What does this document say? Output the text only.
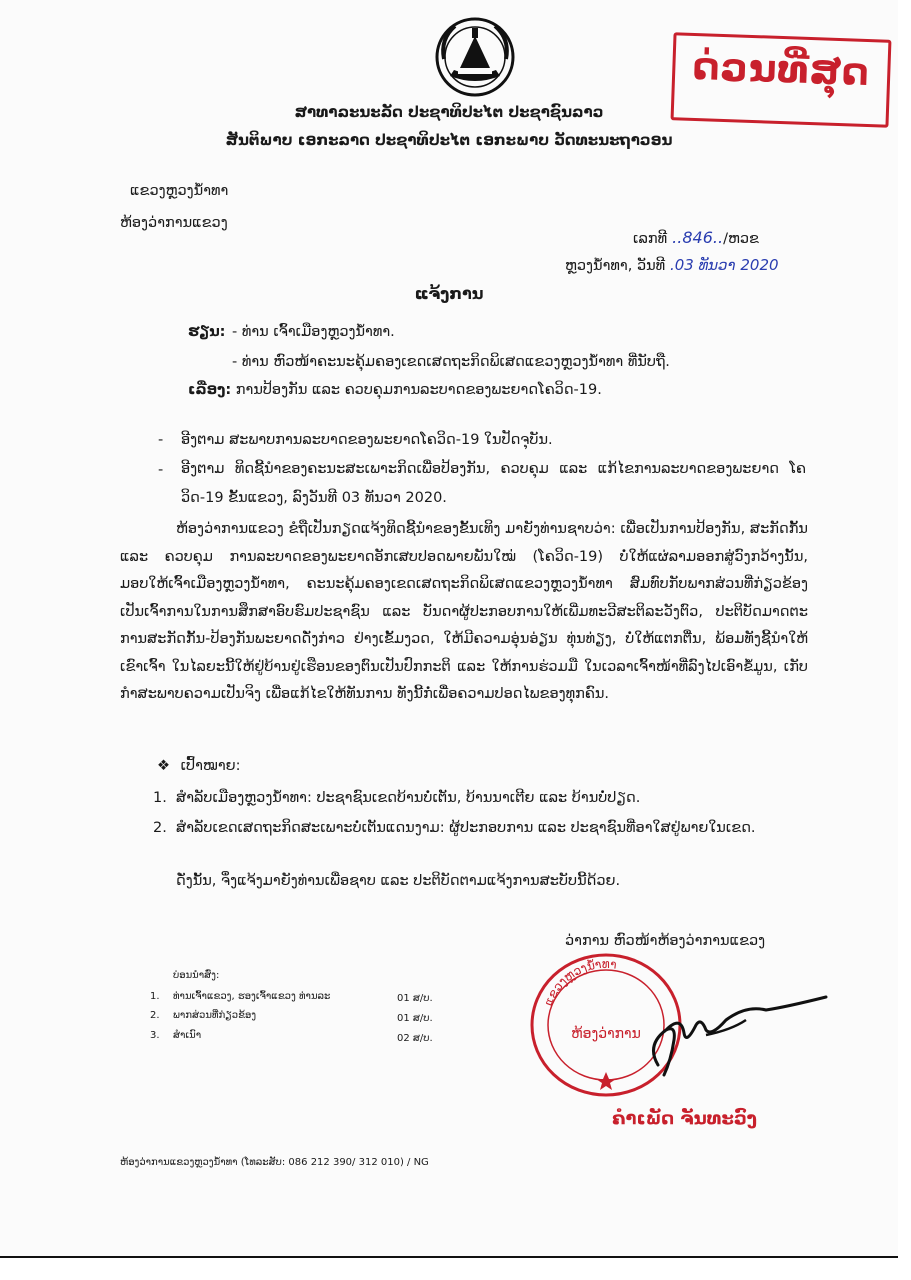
ສາທາລະນະລັດ ປະຊາທິປະໄຕ ປະຊາຊົນລາວ
ສັນຕິພາບ ເອກະລາດ ປະຊາທິປະໄຕ ເອກະພາບ ວັດທະນະຖາວອນ
ດ່ວນທີ່ສຸດ
ແຂວງຫຼວງນ້ຳທາ
ຫ້ອງວ່າການແຂວງ
ເລກທີ ..846../ຫວຂ
ຫຼວງນ້ຳທາ, ວັນທີ .03 ທັນວາ 2020
ແຈ້ງການ
ຮຽນ: - ທ່ານ ເຈົ້າເມືອງຫຼວງນ້ຳທາ.
- ທ່ານ ຫົວໜ້າຄະນະຄຸ້ມຄອງເຂດເສດຖະກິດພິເສດແຂວງຫຼວງນ້ຳທາ ທີ່ນັບຖື.
ເລື່ອງ: ການປ້ອງກັນ ແລະ ຄວບຄຸມການລະບາດຂອງພະຍາດໂຄວິດ-19.
- ອີງຕາມ ສະພາບການລະບາດຂອງພະຍາດໂຄວິດ-19 ໃນປັດຈຸບັນ.
- ອີງຕາມ ທິດຊີ້ນຳຂອງຄະນະສະເພາະກິດເພື່ອປ້ອງກັນ, ຄວບຄຸມ ແລະ ແກ້ໄຂການລະບາດຂອງພະຍາດ ໂຄວິດ-19 ຂັ້ນແຂວງ, ລົງວັນທີ 03 ທັນວາ 2020.

ຫ້ອງວ່າການແຂວງ ຂໍຖືເປັນກຽດແຈ້ງທິດຊີ້ນຳຂອງຂັ້ນເທິງ ມາຍັງທ່ານຊາບວ່າ: ເພື່ອເປັນການປ້ອງກັນ, ສະກັດກັ້ນ ແລະ ຄວບຄຸມ ການລະບາດຂອງພະຍາດອັກເສບປອດພາຍພັນໃໝ່ (ໂຄວິດ-19) ບໍ່ໃຫ້ແຜ່ລາມອອກສູ່ວົງກວ້າງນັ້ນ, ມອບໃຫ້ເຈົ້າເມືອງຫຼວງນ້ຳທາ, ຄະນະຄຸ້ມຄອງເຂດເສດຖະກິດພິເສດແຂວງຫຼວງນ້ຳທາ ສົມທົບກັບພາກສ່ວນທີ່ກ່ຽວຂ້ອງ ເປັນເຈົ້າການໃນການສຶກສາອົບຮົມປະຊາຊົນ ແລະ ບັນດາຜູ້ປະກອບການໃຫ້ເພີ່ມທະວີສະຕິລະວັງຕົວ, ປະຕິບັດມາດຕະການສະກັດກັ້ນ-ປ້ອງກັນພະຍາດດັ່ງກ່າວ ຢ່າງເຂັ້ມງວດ, ໃຫ້ມີຄວາມອຸ່ນອ່ຽນ ທຸ່ນທ່ຽງ, ບໍ່ໃຫ້ແຕກຕື່ນ, ພ້ອມທັງຊີ້ນຳໃຫ້ເຂົາເຈົ້າ ໃນໄລຍະນີ້ໃຫ້ຢູ່ບ້ານຢູ່ເຮືອນຂອງຕົນເປັນປົກກະຕິ ແລະ ໃຫ້ການຮ່ວມມື ໃນເວລາເຈົ້າໜ້າທີ່ລົງໄປເອົາຂໍ້ມູນ, ເກັບກຳສະພາບຄວາມເປັນຈິງ ເພື່ອແກ້ໄຂໃຫ້ທັນການ ທັງນີ້ກໍ່ເພື່ອຄວາມປອດໄພຂອງທຸກຄົນ.

❖ ເປົ້າໝາຍ:
1. ສຳລັບເມືອງຫຼວງນ້ຳທາ: ປະຊາຊົນເຂດບ້ານບໍ່ເຕັນ, ບ້ານນາເຕີຍ ແລະ ບ້ານບໍ່ປຽດ.
2. ສຳລັບເຂດເສດຖະກິດສະເພາະບໍ່ເຕັນແດນງາມ: ຜູ້ປະກອບການ ແລະ ປະຊາຊົນທີ່ອາໃສຢູ່ພາຍໃນເຂດ.
ດັ່ງນັ້ນ, ຈຶ່ງແຈ້ງມາຍັງທ່ານເພື່ອຊາບ ແລະ ປະຕິບັດຕາມແຈ້ງການສະບັບນີ້ດ້ວຍ.
ວ່າການ ຫົວໜ້າຫ້ອງວ່າການແຂວງ
ແຂວງຫຼວງນ້ຳທາ
ຫ້ອງວ່າການ
ຄຳເພັດ ຈັນທະວົງ
ບ່ອນນຳສົ່ງ:
1. ທ່ານເຈົ້າແຂວງ, ຮອງເຈົ້າແຂວງ ທ່ານລະ	01 ສ/ບ.
2. ພາກສ່ວນທີ່ກ່ຽວຂ້ອງ	01 ສ/ບ.
3. ສຳເນົາ	02 ສ/ບ.
ຫ້ອງວ່າການແຂວງຫຼວງນ້ຳທາ (ໂທລະສັບ: 086 212 390/ 312 010) / NG
